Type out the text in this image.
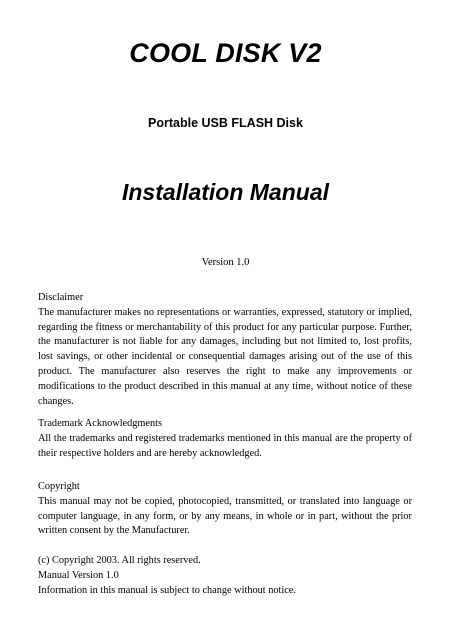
COOL DISK V2
Portable USB FLASH Disk
Installation Manual
Version 1.0
Disclaimer
The manufacturer makes no representations or warranties, expressed, statutory or implied, regarding the fitness or merchantability of this product for any particular purpose. Further, the manufacturer is not liable for any damages, including but not limited to, lost profits, lost savings, or other incidental or consequential damages arising out of the use of this product. The manufacturer also reserves the right to make any improvements or modifications to the product described in this manual at any time, without notice of these changes.
Trademark Acknowledgments
All the trademarks and registered trademarks mentioned in this manual are the property of their respective holders and are hereby acknowledged.
Copyright
This manual may not be copied, photocopied, transmitted, or translated into language or computer language, in any form, or by any means, in whole or in part, without the prior written consent by the Manufacturer.
(c) Copyright 2003. All rights reserved.
Manual Version 1.0
Information in this manual is subject to change without notice.
